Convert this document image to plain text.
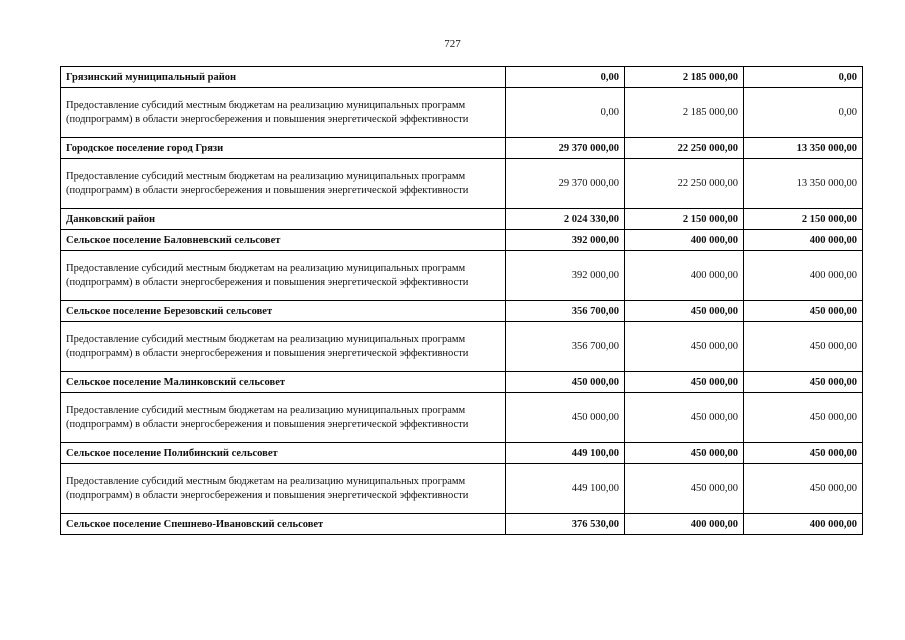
727
Грязинский муниципальный район	0,00	2 185 000,00	0,00
Предоставление субсидий местным бюджетам на реализацию муниципальных программ (подпрограмм) в области энергосбережения и повышения энергетической эффективности	0,00	2 185 000,00	0,00
Городское поселение город Грязи	29 370 000,00	22 250 000,00	13 350 000,00
Предоставление субсидий местным бюджетам на реализацию муниципальных программ (подпрограмм) в области энергосбережения и повышения энергетической эффективности	29 370 000,00	22 250 000,00	13 350 000,00
Данковский район	2 024 330,00	2 150 000,00	2 150 000,00
Сельское поселение Баловневский сельсовет	392 000,00	400 000,00	400 000,00
Предоставление субсидий местным бюджетам на реализацию муниципальных программ (подпрограмм) в области энергосбережения и повышения энергетической эффективности	392 000,00	400 000,00	400 000,00
Сельское поселение Березовский сельсовет	356 700,00	450 000,00	450 000,00
Предоставление субсидий местным бюджетам на реализацию муниципальных программ (подпрограмм) в области энергосбережения и повышения энергетической эффективности	356 700,00	450 000,00	450 000,00
Сельское поселение Малинковский сельсовет	450 000,00	450 000,00	450 000,00
Предоставление субсидий местным бюджетам на реализацию муниципальных программ (подпрограмм) в области энергосбережения и повышения энергетической эффективности	450 000,00	450 000,00	450 000,00
Сельское поселение Полибинский сельсовет	449 100,00	450 000,00	450 000,00
Предоставление субсидий местным бюджетам на реализацию муниципальных программ (подпрограмм) в области энергосбережения и повышения энергетической эффективности	449 100,00	450 000,00	450 000,00
Сельское поселение Спешнево-Ивановский сельсовет	376 530,00	400 000,00	400 000,00
